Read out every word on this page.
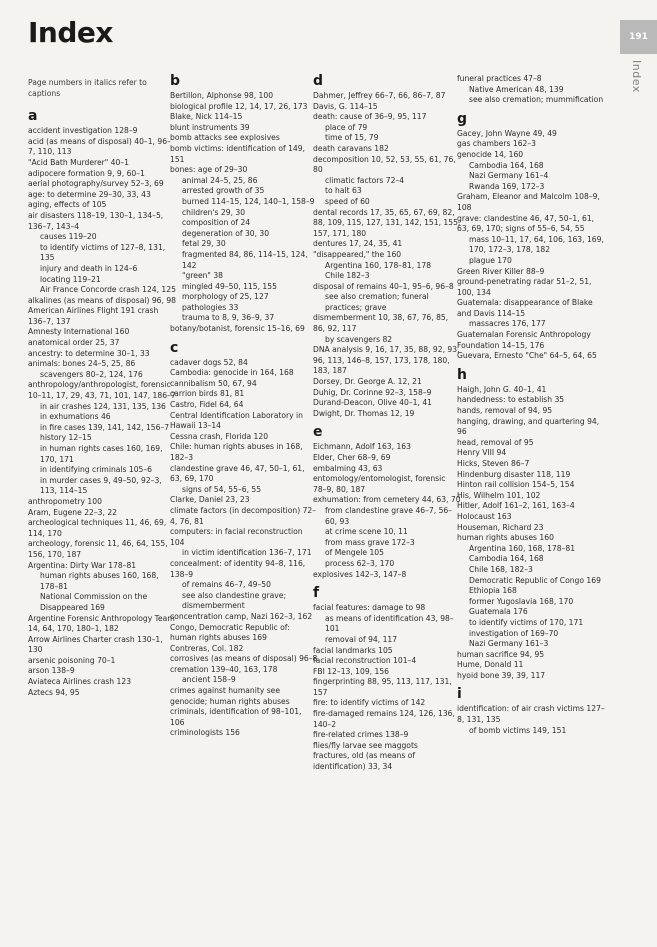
Index	191
Index
Page numbers in italics refer to captions
a
accident investigation 128–9
acid (as means of disposal) 40–1, 96–7, 110, 113
"Acid Bath Murderer" 40–1
adipocere formation 9, 9, 60–1
aerial photography/survey 52–3, 69
age: to determine 29–30, 33, 43
aging, effects of 105
air disasters 118–19, 130–1, 134–5, 136–7, 143–4
causes 119–20
to identify victims of 127–8, 131, 135
injury and death in 124–6
locating 119–21
Air France Concorde crash 124, 125
alkalines (as means of disposal) 96, 98
American Airlines Flight 191 crash 136–7, 137
Amnesty International 160
anatomical order 25, 37
ancestry: to determine 30–1, 33
animals: bones 24–5, 25, 86
scavengers 80–2, 124, 176
anthropology/anthropologist, forensic 10–11, 17, 29, 43, 71, 101, 147, 186–7
in air crashes 124, 131, 135, 136
in exhumations 46
in fire cases 139, 141, 142, 156–7
history 12–15
in human rights cases 160, 169, 170, 171
in identifying criminals 105–6
in murder cases 9, 49–50, 92–3, 113, 114–15
anthropometry 100
Aram, Eugene 22–3, 22
archeological techniques 11, 46, 69, 114, 170
archeology, forensic 11, 46, 64, 155, 156, 170, 187
Argentina: Dirty War 178–81
human rights abuses 160, 168, 178–81
National Commission on the Disappeared 169
Argentine Forensic Anthropology Team 14, 64, 170, 180–1, 182
Arrow Airlines Charter crash 130–1, 130
arsenic poisoning 70–1
arson 138–9
Aviateca Airlines crash 123
Aztecs 94, 95
b
Bertillon, Alphonse 98, 100
biological profile 12, 14, 17, 26, 173
Blake, Nick 114–15
blunt instruments 39
bomb attacks see explosives
bomb victims: identification of 149, 151
bones: age of 29–30
animal 24–5, 25, 86
arrested growth of 35
burned 114–15, 124, 140–1, 158–9
children's 29, 30
composition of 24
degeneration of 30, 30
fetal 29, 30
fragmented 84, 86, 114–15, 124, 142
"green" 38
mingled 49–50, 115, 155
morphology of 25, 127
pathologies 33
trauma to 8, 9, 36–9, 37
botany/botanist, forensic 15–16, 69
c
cadaver dogs 52, 84
Cambodia: genocide in 164, 168
cannibalism 50, 67, 94
carrion birds 81, 81
Castro, Fidel 64, 64
Central Identification Laboratory in Hawaii 13–14
Cessna crash, Florida 120
Chile: human rights abuses in 168, 182–3
clandestine grave 46, 47, 50–1, 61, 63, 69, 170
signs of 54, 55–6, 55
Clarke, Daniel 23, 23
climate factors (in decomposition) 72–4, 76, 81
computers: in facial reconstruction 104
in victim identification 136–7, 171
concealment: of identity 94–8, 116, 138–9
of remains 46–7, 49–50
see also clandestine grave; dismemberment
concentration camp, Nazi 162–3, 162
Congo, Democratic Republic of: human rights abuses 169
Contreras, Col. 182
corrosives (as means of disposal) 96–8
cremation 139–40, 163, 178
ancient 158–9
crimes against humanity see genocide; human rights abuses
criminals, identification of 98–101, 106
criminologists 156
d
Dahmer, Jeffrey 66–7, 66, 86–7, 87
Davis, G. 114–15
death: cause of 36–9, 95, 117
place of 79
time of 15, 79
death caravans 182
decomposition 10, 52, 53, 55, 61, 76, 80
climatic factors 72–4
to halt 63
speed of 60
dental records 17, 35, 65, 67, 69, 82, 88, 109, 115, 127, 131, 142, 151, 155, 157, 171, 180
dentures 17, 24, 35, 41
"disappeared," the 160
Argentina 160, 178–81, 178
Chile 182–3
disposal of remains 40–1, 95–6, 96–8
see also cremation; funeral practices; grave
dismemberment 10, 38, 67, 76, 85, 86, 92, 117
by scavengers 82
DNA analysis 9, 16, 17, 35, 88, 92, 93, 96, 113, 146–8, 157, 173, 178, 180, 183, 187
Dorsey, Dr. George A. 12, 21
Duhig, Dr. Corinne 92–3, 158–9
Durand-Deacon, Olive 40–1, 41
Dwight, Dr. Thomas 12, 19
e
Eichmann, Adolf 163, 163
Elder, Cher 68–9, 69
embalming 43, 63
entomology/entomologist, forensic 78–9, 80, 187
exhumation: from cemetery 44, 63, 70
from clandestine grave 46–7, 56–60, 93
at crime scene 10, 11
from mass grave 172–3
of Mengele 105
process 62–3, 170
explosives 142–3, 147–8
f
facial features: damage to 98
as means of identification 43, 98–101
removal of 94, 117
facial landmarks 105
facial reconstruction 101–4
FBI 12–13, 109, 156
fingerprinting 88, 95, 113, 117, 131, 157
fire: to identify victims of 142
fire-damaged remains 124, 126, 136, 140–2
fire-related crimes 138–9
flies/fly larvae see maggots
fractures, old (as means of identification) 33, 34
funeral practices 47–8
Native American 48, 139
see also cremation; mummification
g
Gacey, John Wayne 49, 49
gas chambers 162–3
genocide 14, 160
Cambodia 164, 168
Nazi Germany 161–4
Rwanda 169, 172–3
Graham, Eleanor and Malcolm 108–9, 108
grave: clandestine 46, 47, 50–1, 61, 63, 69, 170; signs of 55–6, 54, 55
mass 10–11, 17, 64, 106, 163, 169, 170, 172–3, 178, 182
plague 170
Green River Killer 88–9
ground-penetrating radar 51–2, 51, 100, 134
Guatemala: disappearance of Blake and Davis 114–15
massacres 176, 177
Guatemalan Forensic Anthropology Foundation 14–15, 176
Guevara, Ernesto "Che" 64–5, 64, 65
h
Haigh, John G. 40–1, 41
handedness: to establish 35
hands, removal of 94, 95
hanging, drawing, and quartering 94, 96
head, removal of 95
Henry VIII 94
Hicks, Steven 86–7
Hindenburg disaster 118, 119
Hinton rail collision 154–5, 154
His, Wilhelm 101, 102
Hitler, Adolf 161–2, 161, 163–4
Holocaust 163
Houseman, Richard 23
human rights abuses 160
Argentina 160, 168, 178–81
Cambodia 164, 168
Chile 168, 182–3
Democratic Republic of Congo 169
Ethiopia 168
former Yugoslavia 168, 170
Guatemala 176
to identify victims of 170, 171
investigation of 169–70
Nazi Germany 161–3
human sacrifice 94, 95
Hume, Donald 11
hyoid bone 39, 39, 117
i
identification: of air crash victims 127–8, 131, 135
of bomb victims 149, 151
